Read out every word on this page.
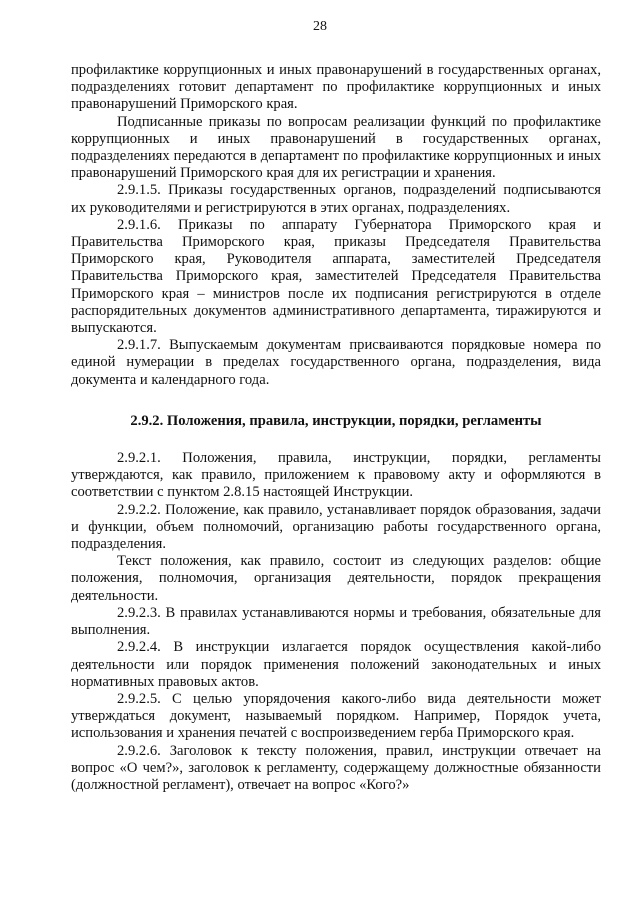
28

профилактике коррупционных и иных правонарушений в государственных органах, подразделениях готовит департамент по профилактике коррупционных и иных правонарушений Приморского края.

Подписанные приказы по вопросам реализации функций по профилактике коррупционных и иных правонарушений в государственных органах, подразделениях передаются в департамент по профилактике коррупционных и иных правонарушений Приморского края для их регистрации и хранения.

2.9.1.5. Приказы государственных органов, подразделений подписываются их руководителями и регистрируются в этих органах, подразделениях.

2.9.1.6. Приказы по аппарату Губернатора Приморского края и Правительства Приморского края, приказы Председателя Правительства Приморского края, Руководителя аппарата, заместителей Председателя Правительства Приморского края, заместителей Председателя Правительства Приморского края – министров после их подписания регистрируются в отделе распорядительных документов административного департамента, тиражируются и выпускаются.

2.9.1.7. Выпускаемым документам присваиваются порядковые номера по единой нумерации в пределах государственного органа, подразделения, вида документа и календарного года.

2.9.2. Положения, правила, инструкции, порядки, регламенты

2.9.2.1. Положения, правила, инструкции, порядки, регламенты утверждаются, как правило, приложением к правовому акту и оформляются в соответствии с пунктом 2.8.15 настоящей Инструкции.

2.9.2.2. Положение, как правило, устанавливает порядок образования, задачи и функции, объем полномочий, организацию работы государственного органа, подразделения.

Текст положения, как правило, состоит из следующих разделов: общие положения, полномочия, организация деятельности, порядок прекращения деятельности.

2.9.2.3. В правилах устанавливаются нормы и требования, обязательные для выполнения.

2.9.2.4. В инструкции излагается порядок осуществления какой-либо деятельности или порядок применения положений законодательных и иных нормативных правовых актов.

2.9.2.5. С целью упорядочения какого-либо вида деятельности может утверждаться документ, называемый порядком. Например, Порядок учета, использования и хранения печатей с воспроизведением герба Приморского края.

2.9.2.6. Заголовок к тексту положения, правил, инструкции отвечает на вопрос «О чем?», заголовок к регламенту, содержащему должностные обязанности (должностной регламент), отвечает на вопрос «Кого?»
